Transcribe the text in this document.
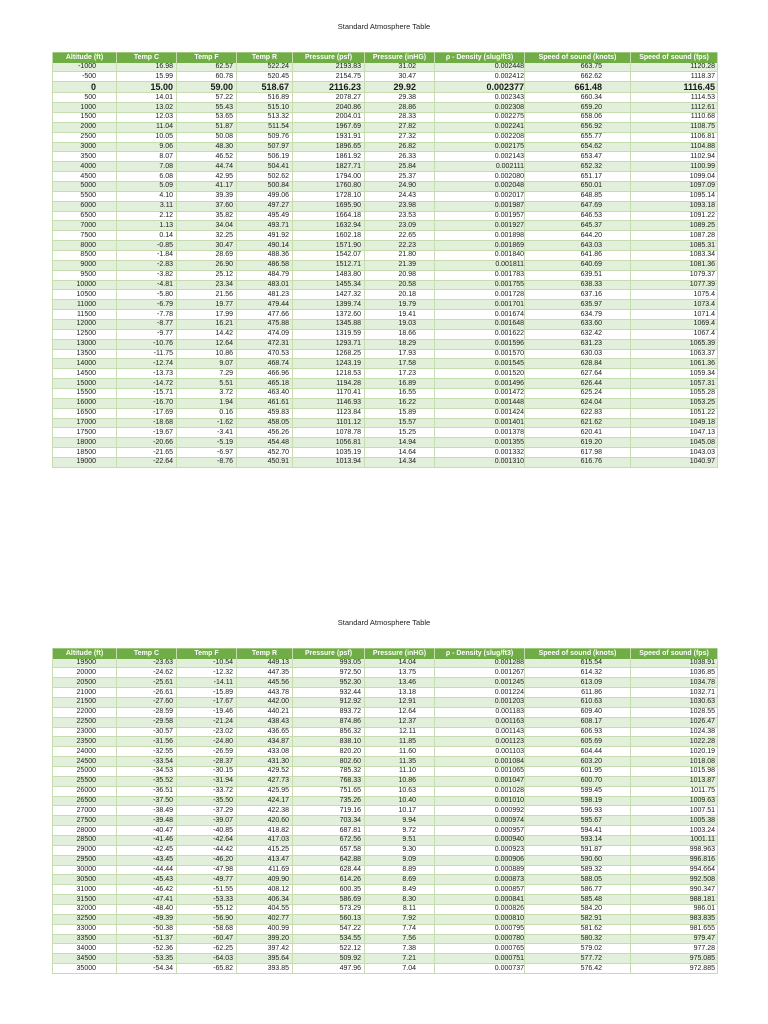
Standard Atmosphere Table
Altitude (ft)	Temp C	Temp F	Temp R	Pressure (psf)	Pressure (inHG)	ρ - Density (slug/ft3)	Speed of sound (knots)	Speed of sound (fps)
-1000	16.98	62.57	522.24	2193.83	31.02	0.002448	663.75	1120.28
-500	15.99	60.78	520.45	2154.75	30.47	0.002412	662.62	1118.37
0	15.00	59.00	518.67	2116.23	29.92	0.002377	661.48	1116.45
500	14.01	57.22	516.89	2078.27	29.38	0.002343	660.34	1114.53
1000	13.02	55.43	515.10	2040.86	28.86	0.002308	659.20	1112.61
1500	12.03	53.65	513.32	2004.01	28.33	0.002275	658.06	1110.68
2000	11.04	51.87	511.54	1967.69	27.82	0.002241	656.92	1108.75
2500	10.05	50.08	509.76	1931.91	27.32	0.002208	655.77	1106.81
3000	9.06	48.30	507.97	1896.65	26.82	0.002175	654.62	1104.88
3500	8.07	46.52	506.19	1861.92	26.33	0.002143	653.47	1102.94
4000	7.08	44.74	504.41	1827.71	25.84	0.002111	652.32	1100.99
4500	6.08	42.95	502.62	1794.00	25.37	0.002080	651.17	1099.04
5000	5.09	41.17	500.84	1760.80	24.90	0.002048	650.01	1097.09
5500	4.10	39.39	499.06	1728.10	24.43	0.002017	648.85	1095.14
6000	3.11	37.60	497.27	1695.90	23.98	0.001987	647.69	1093.18
6500	2.12	35.82	495.49	1664.18	23.53	0.001957	646.53	1091.22
7000	1.13	34.04	493.71	1632.94	23.09	0.001927	645.37	1089.25
7500	0.14	32.25	491.92	1602.18	22.65	0.001898	644.20	1087.28
8000	-0.85	30.47	490.14	1571.90	22.23	0.001869	643.03	1085.31
8500	-1.84	28.69	488.36	1542.07	21.80	0.001840	641.86	1083.34
9000	-2.83	26.90	486.58	1512.71	21.39	0.001811	640.69	1081.36
9500	-3.82	25.12	484.79	1483.80	20.98	0.001783	639.51	1079.37
10000	-4.81	23.34	483.01	1455.34	20.58	0.001755	638.33	1077.39
10500	-5.80	21.56	481.23	1427.32	20.18	0.001728	637.16	1075.4
11000	-6.79	19.77	479.44	1399.74	19.79	0.001701	635.97	1073.4
11500	-7.78	17.99	477.66	1372.60	19.41	0.001674	634.79	1071.4
12000	-8.77	16.21	475.88	1345.88	19.03	0.001648	633.60	1069.4
12500	-9.77	14.42	474.09	1319.59	18.66	0.001622	632.42	1067.4
13000	-10.76	12.64	472.31	1293.71	18.29	0.001596	631.23	1065.39
13500	-11.75	10.86	470.53	1268.25	17.93	0.001570	630.03	1063.37
14000	-12.74	9.07	468.74	1243.19	17.58	0.001545	628.84	1061.36
14500	-13.73	7.29	466.96	1218.53	17.23	0.001520	627.64	1059.34
15000	-14.72	5.51	465.18	1194.28	16.89	0.001496	626.44	1057.31
15500	-15.71	3.72	463.40	1170.41	16.55	0.001472	625.24	1055.28
16000	-16.70	1.94	461.61	1146.93	16.22	0.001448	624.04	1053.25
16500	-17.69	0.16	459.83	1123.84	15.89	0.001424	622.83	1051.22
17000	-18.68	-1.62	458.05	1101.12	15.57	0.001401	621.62	1049.18
17500	-19.67	-3.41	456.26	1078.78	15.25	0.001378	620.41	1047.13
18000	-20.66	-5.19	454.48	1056.81	14.94	0.001355	619.20	1045.08
18500	-21.65	-6.97	452.70	1035.19	14.64	0.001332	617.98	1043.03
19000	-22.64	-8.76	450.91	1013.94	14.34	0.001310	616.76	1040.97
Standard Atmosphere Table
Altitude (ft)	Temp C	Temp F	Temp R	Pressure (psf)	Pressure (inHG)	ρ - Density (slug/ft3)	Speed of sound (knots)	Speed of sound (fps)
19500	-23.63	-10.54	449.13	993.05	14.04	0.001288	615.54	1038.91
20000	-24.62	-12.32	447.35	972.50	13.75	0.001267	614.32	1036.85
20500	-25.61	-14.11	445.56	952.30	13.46	0.001245	613.09	1034.78
21000	-26.61	-15.89	443.78	932.44	13.18	0.001224	611.86	1032.71
21500	-27.60	-17.67	442.00	912.92	12.91	0.001203	610.63	1030.63
22000	-28.59	-19.46	440.21	893.72	12.64	0.001183	609.40	1028.55
22500	-29.58	-21.24	438.43	874.86	12.37	0.001163	608.17	1026.47
23000	-30.57	-23.02	436.65	856.32	12.11	0.001143	606.93	1024.38
23500	-31.56	-24.80	434.87	838.10	11.85	0.001123	605.69	1022.28
24000	-32.55	-26.59	433.08	820.20	11.60	0.001103	604.44	1020.19
24500	-33.54	-28.37	431.30	802.60	11.35	0.001084	603.20	1018.08
25000	-34.53	-30.15	429.52	785.32	11.10	0.001065	601.95	1015.98
25500	-35.52	-31.94	427.73	768.33	10.86	0.001047	600.70	1013.87
26000	-36.51	-33.72	425.95	751.65	10.63	0.001028	599.45	1011.75
26500	-37.50	-35.50	424.17	735.26	10.40	0.001010	598.19	1009.63
27000	-38.49	-37.29	422.38	719.16	10.17	0.000992	596.93	1007.51
27500	-39.48	-39.07	420.60	703.34	9.94	0.000974	595.67	1005.38
28000	-40.47	-40.85	418.82	687.81	9.72	0.000957	594.41	1003.24
28500	-41.46	-42.64	417.03	672.56	9.51	0.000940	593.14	1001.11
29000	-42.45	-44.42	415.25	657.58	9.30	0.000923	591.87	998.963
29500	-43.45	-46.20	413.47	642.88	9.09	0.000906	590.60	996.816
30000	-44.44	-47.98	411.69	628.44	8.89	0.000889	589.32	994.664
30500	-45.43	-49.77	409.90	614.26	8.69	0.000873	588.05	992.508
31000	-46.42	-51.55	408.12	600.35	8.49	0.000857	586.77	990.347
31500	-47.41	-53.33	406.34	586.69	8.30	0.000841	585.48	988.181
32000	-48.40	-55.12	404.55	573.29	8.11	0.000826	584.20	986.01
32500	-49.39	-56.90	402.77	560.13	7.92	0.000810	582.91	983.835
33000	-50.38	-58.68	400.99	547.22	7.74	0.000795	581.62	981.655
33500	-51.37	-60.47	399.20	534.55	7.56	0.000780	580.32	979.47
34000	-52.36	-62.25	397.42	522.12	7.38	0.000765	579.02	977.28
34500	-53.35	-64.03	395.64	509.92	7.21	0.000751	577.72	975.085
35000	-54.34	-65.82	393.85	497.96	7.04	0.000737	576.42	972.885
